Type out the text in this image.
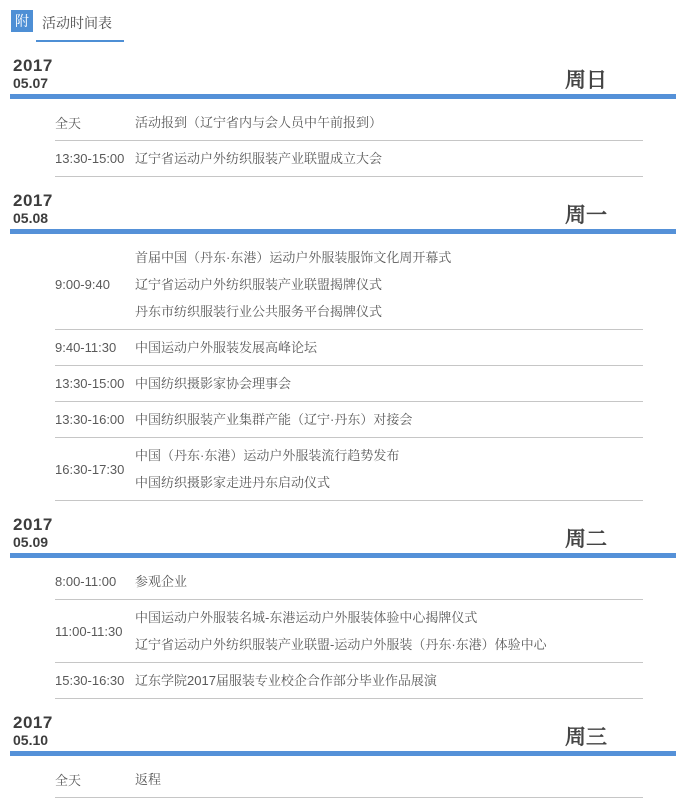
附 活动时间表
2017
05.07	周日
全天	活动报到（辽宁省内与会人员中午前报到）
13:30-15:00 辽宁省运动户外纺织服装产业联盟成立大会
2017
05.08	周一
9:00-9:40
首届中国（丹东·东港）运动户外服装服饰文化周开幕式
辽宁省运动户外纺织服装产业联盟揭牌仪式
丹东市纺织服装行业公共服务平台揭牌仪式
9:40-11:30	中国运动户外服装发展高峰论坛
13:30-15:00 中国纺织摄影家协会理事会
13:30-16:00 中国纺织服装产业集群产能（辽宁·丹东）对接会
16:30-17:30
中国（丹东·东港）运动户外服装流行趋势发布
中国纺织摄影家走进丹东启动仪式
2017
05.09	周二
8:00-11:00	参观企业
11:00-11:30
中国运动户外服装名城-东港运动户外服装体验中心揭牌仪式
辽宁省运动户外纺织服装产业联盟-运动户外服装（丹东·东港）体验中心
15:30-16:30 辽东学院2017届服装专业校企合作部分毕业作品展演
2017
05.10	周三
全天	返程
